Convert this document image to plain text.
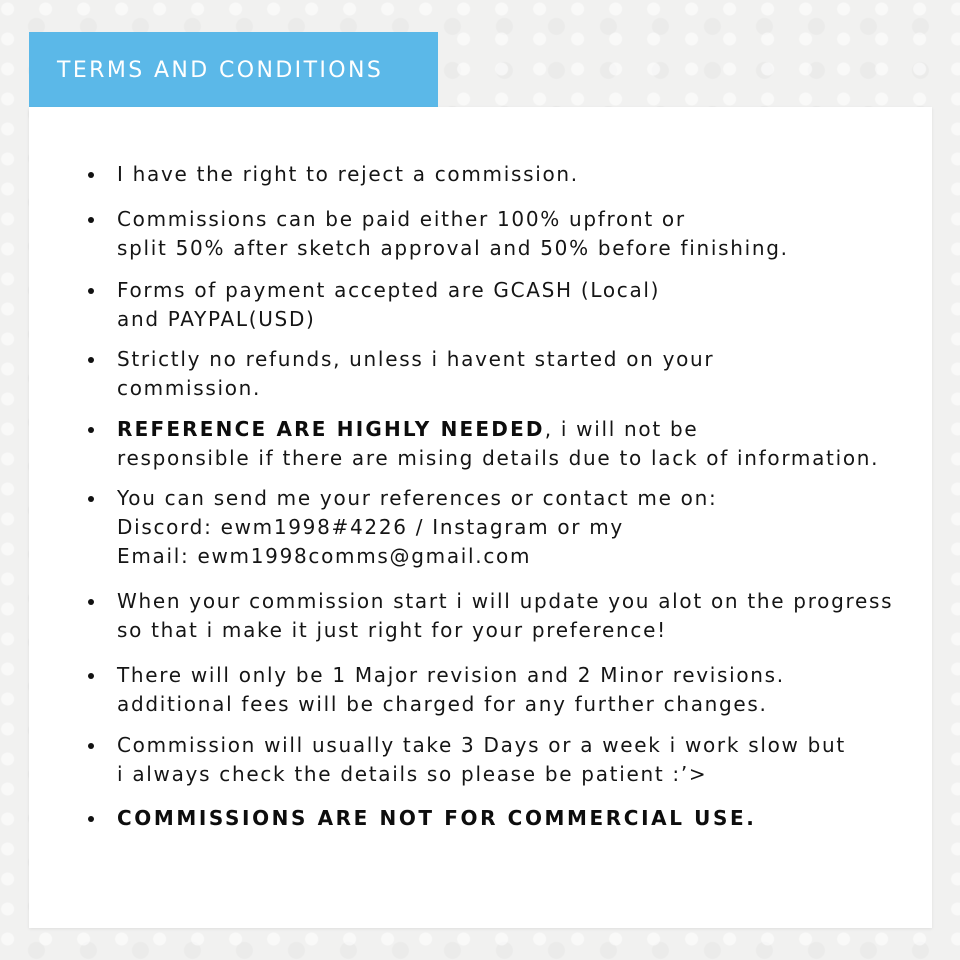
TERMS AND CONDITIONS
I have the right to reject a commission.
Commissions can be paid either 100% upfront or
split 50% after sketch approval and 50% before finishing.
Forms of payment accepted are GCASH (Local)
and PAYPAL(USD)
Strictly no refunds, unless i havent started on your
commission.
REFERENCE ARE HIGHLY NEEDED, i will not be
responsible if there are mising details due to lack of information.
You can send me your references or contact me on:
Discord: ewm1998#4226 / Instagram or my
Email: ewm1998comms@gmail.com
When your commission start i will update you alot on the progress
so that i make it just right for your preference!
There will only be 1 Major revision and 2 Minor revisions.
additional fees will be charged for any further changes.
Commission will usually take 3 Days or a week i work slow but
i always check the details so please be patient :’>
COMMISSIONS ARE NOT FOR COMMERCIAL USE.
